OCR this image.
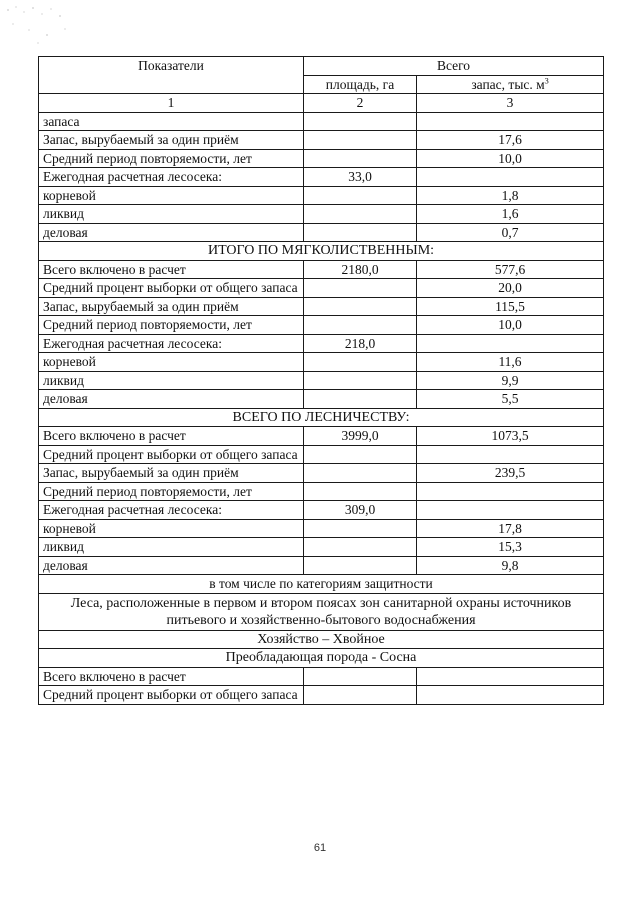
Показатели	Всего	
	площадь, га	запас, тыс. $м^3$
1	2	3
запаса		
Запас, вырубаемый за один приём		17,6
Средний период повторяемости, лет		10,0
Ежегодная расчетная лесосека:	33,0	
корневой		1,8
ликвид		1,6
деловая		0,7
ИТОГО ПО МЯГКОЛИСТВЕННЫМ:		
Всего включено в расчет	2180,0	577,6
Средний процент выборки от общего запаса		20,0
Запас, вырубаемый за один приём		115,5
Средний период повторяемости, лет		10,0
Ежегодная расчетная лесосека:	218,0	
корневой		11,6
ликвид		9,9
деловая		5,5
ВСЕГО ПО ЛЕСНИЧЕСТВУ:		
Всего включено в расчет	3999,0	1073,5
Средний процент выборки от общего запаса		
Запас, вырубаемый за один приём		239,5
Средний период повторяемости, лет		
Ежегодная расчетная лесосека:	309,0	
корневой		17,8
ликвид		15,3
деловая		9,8
в том числе по категориям защитности		
Леса, расположенные в первом и втором поясах зон санитарной охраны источников питьевого и хозяйственно-бытового водоснабжения		
Хозяйство – Хвойное		
Преобладающая порода - Сосна		
Всего включено в расчет		
Средний процент выборки от общего запаса		
61
